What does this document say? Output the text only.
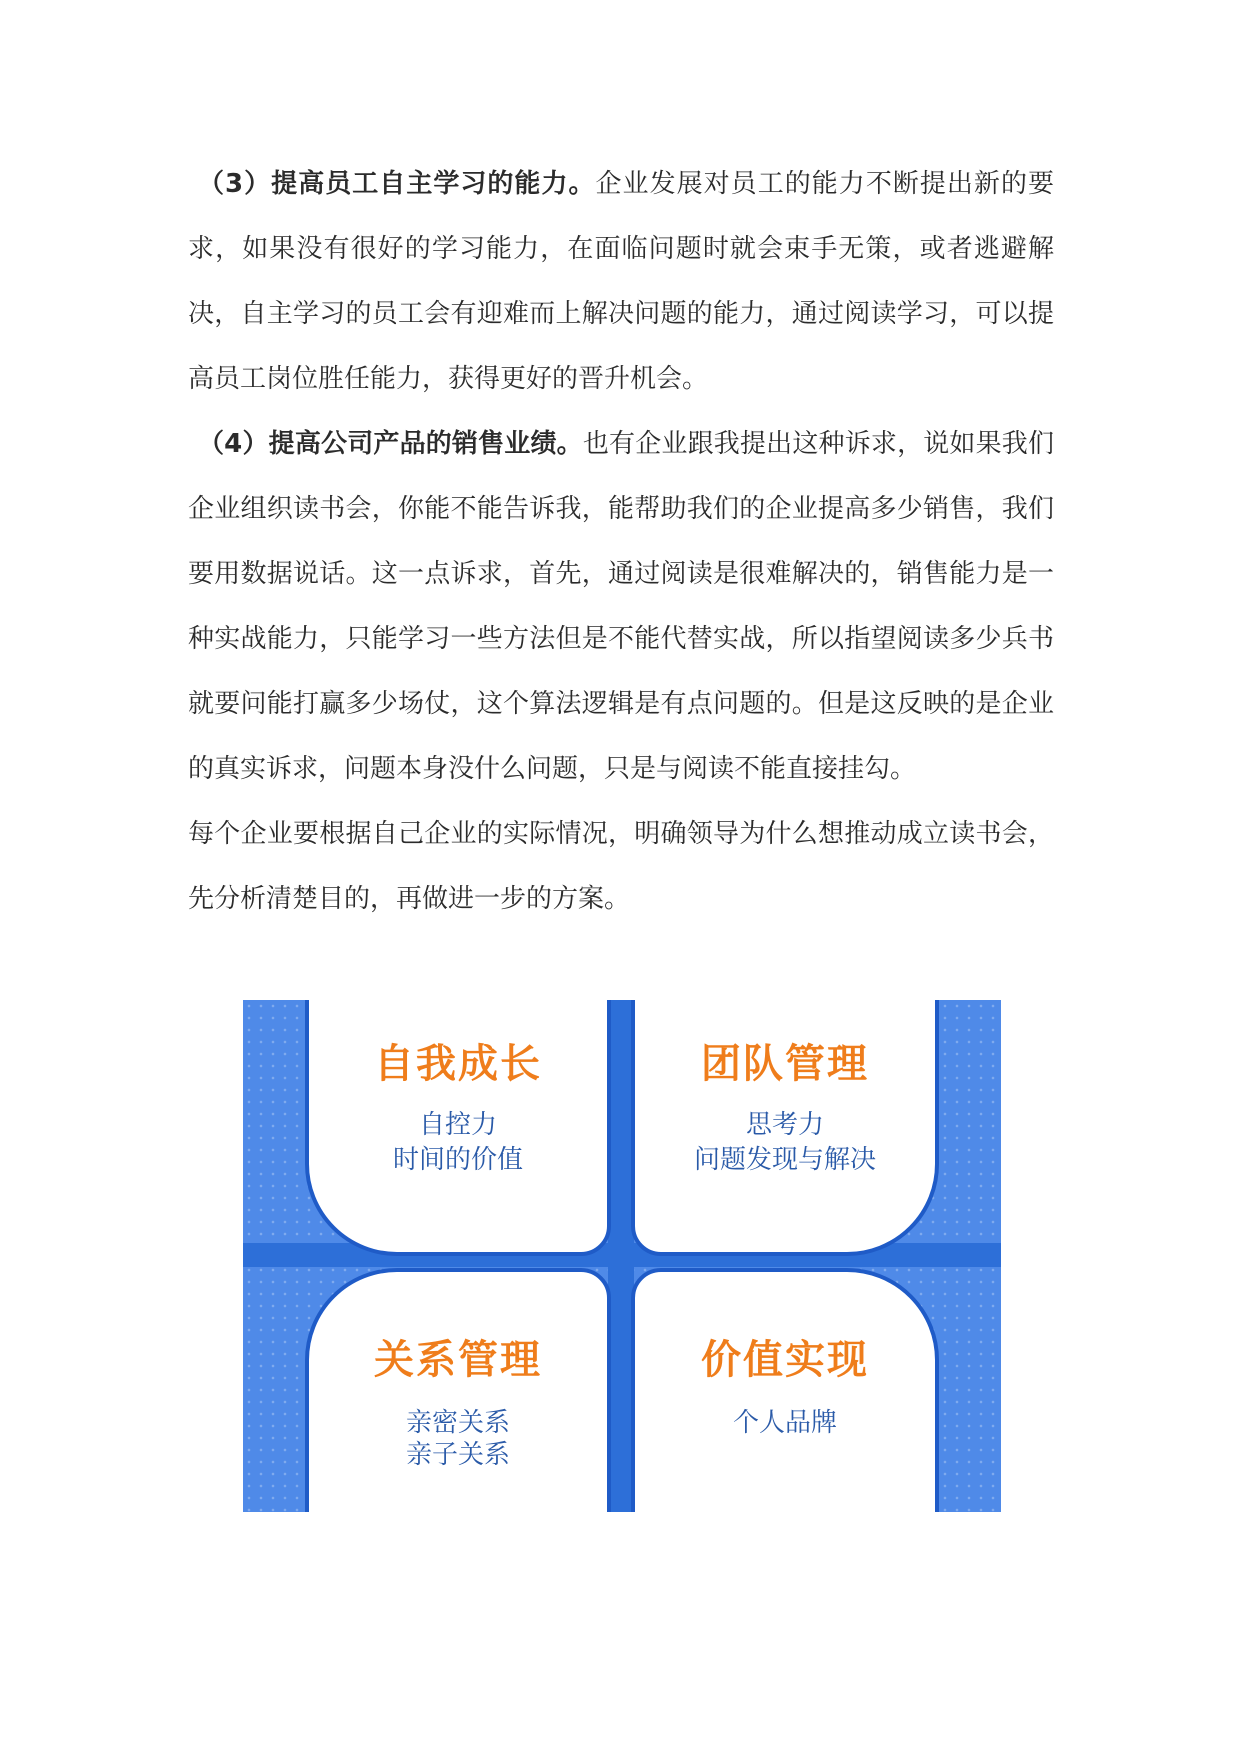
（3）提高员工自主学习的能力。企业发展对员工的能力不断提出新的要求，如果没有很好的学习能力，在面临问题时就会束手无策，或者逃避解决，自主学习的员工会有迎难而上解决问题的能力，通过阅读学习，可以提高员工岗位胜任能力，获得更好的晋升机会。

（4）提高公司产品的销售业绩。也有企业跟我提出这种诉求，说如果我们企业组织读书会，你能不能告诉我，能帮助我们的企业提高多少销售，我们要用数据说话。这一点诉求，首先，通过阅读是很难解决的，销售能力是一种实战能力，只能学习一些方法但是不能代替实战，所以指望阅读多少兵书就要问能打赢多少场仗，这个算法逻辑是有点问题的。但是这反映的是企业的真实诉求，问题本身没什么问题，只是与阅读不能直接挂勾。

每个企业要根据自己企业的实际情况，明确领导为什么想推动成立读书会，先分析清楚目的，再做进一步的方案。

自我成长
自控力
时间的价值
团队管理
思考力
问题发现与解决
关系管理
亲密关系
亲子关系
价值实现
个人品牌
